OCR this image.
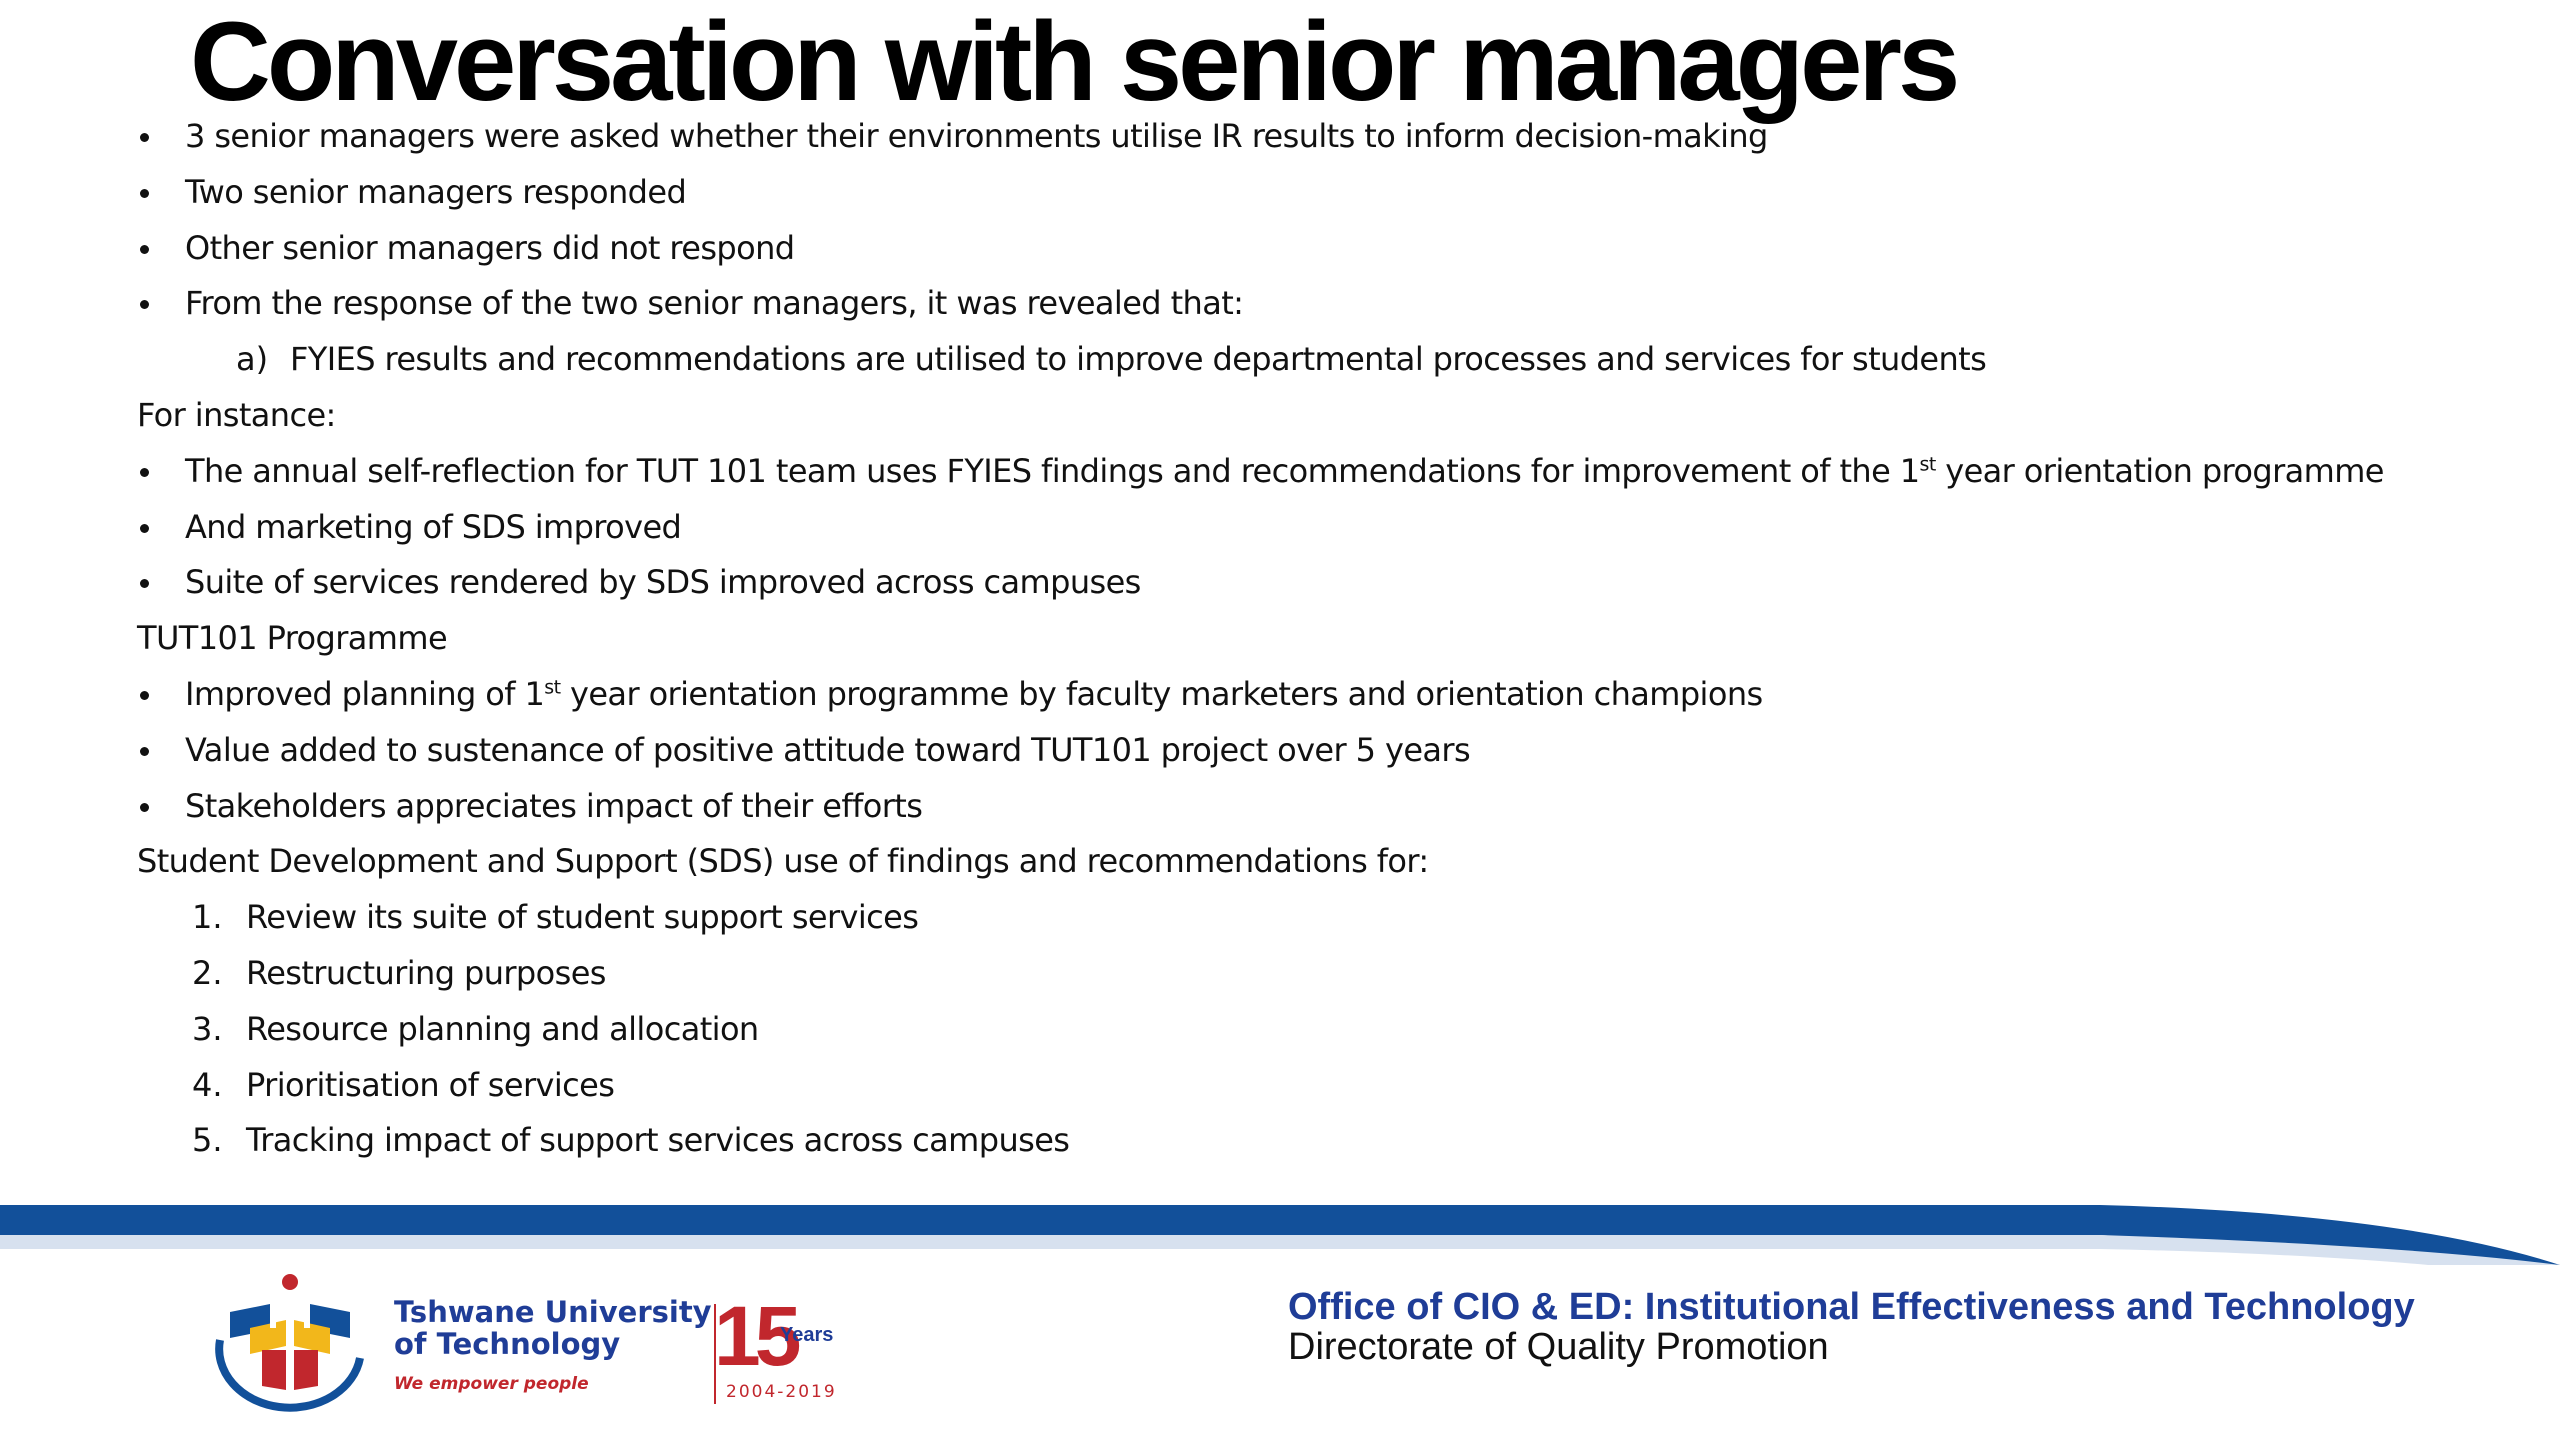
Conversation with senior managers
3 senior managers were asked whether their environments utilise IR results to inform decision-making
Two senior managers responded
Other senior managers did not respond
From the response of the two senior managers, it was revealed that:
a) FYIES results and recommendations are utilised to improve departmental processes and services for students
For instance:
The annual self-reflection for TUT 101 team uses FYIES findings and recommendations for improvement of the 1st year orientation programme
And marketing of SDS improved
Suite of services rendered by SDS improved across campuses
TUT101 Programme
Improved planning of 1st year orientation programme by faculty marketers and orientation champions
Value added to sustenance of positive attitude toward TUT101 project over 5 years
Stakeholders appreciates impact of their efforts
Student Development and Support (SDS) use of findings and recommendations for:
1. Review its suite of student support services
2. Restructuring purposes
3. Resource planning and allocation
4. Prioritisation of services
5. Tracking impact of support services across campuses
Tshwane University of Technology
We empower people
15
Years
2004-2019
Office of CIO & ED: Institutional Effectiveness and Technology
Directorate of Quality Promotion
